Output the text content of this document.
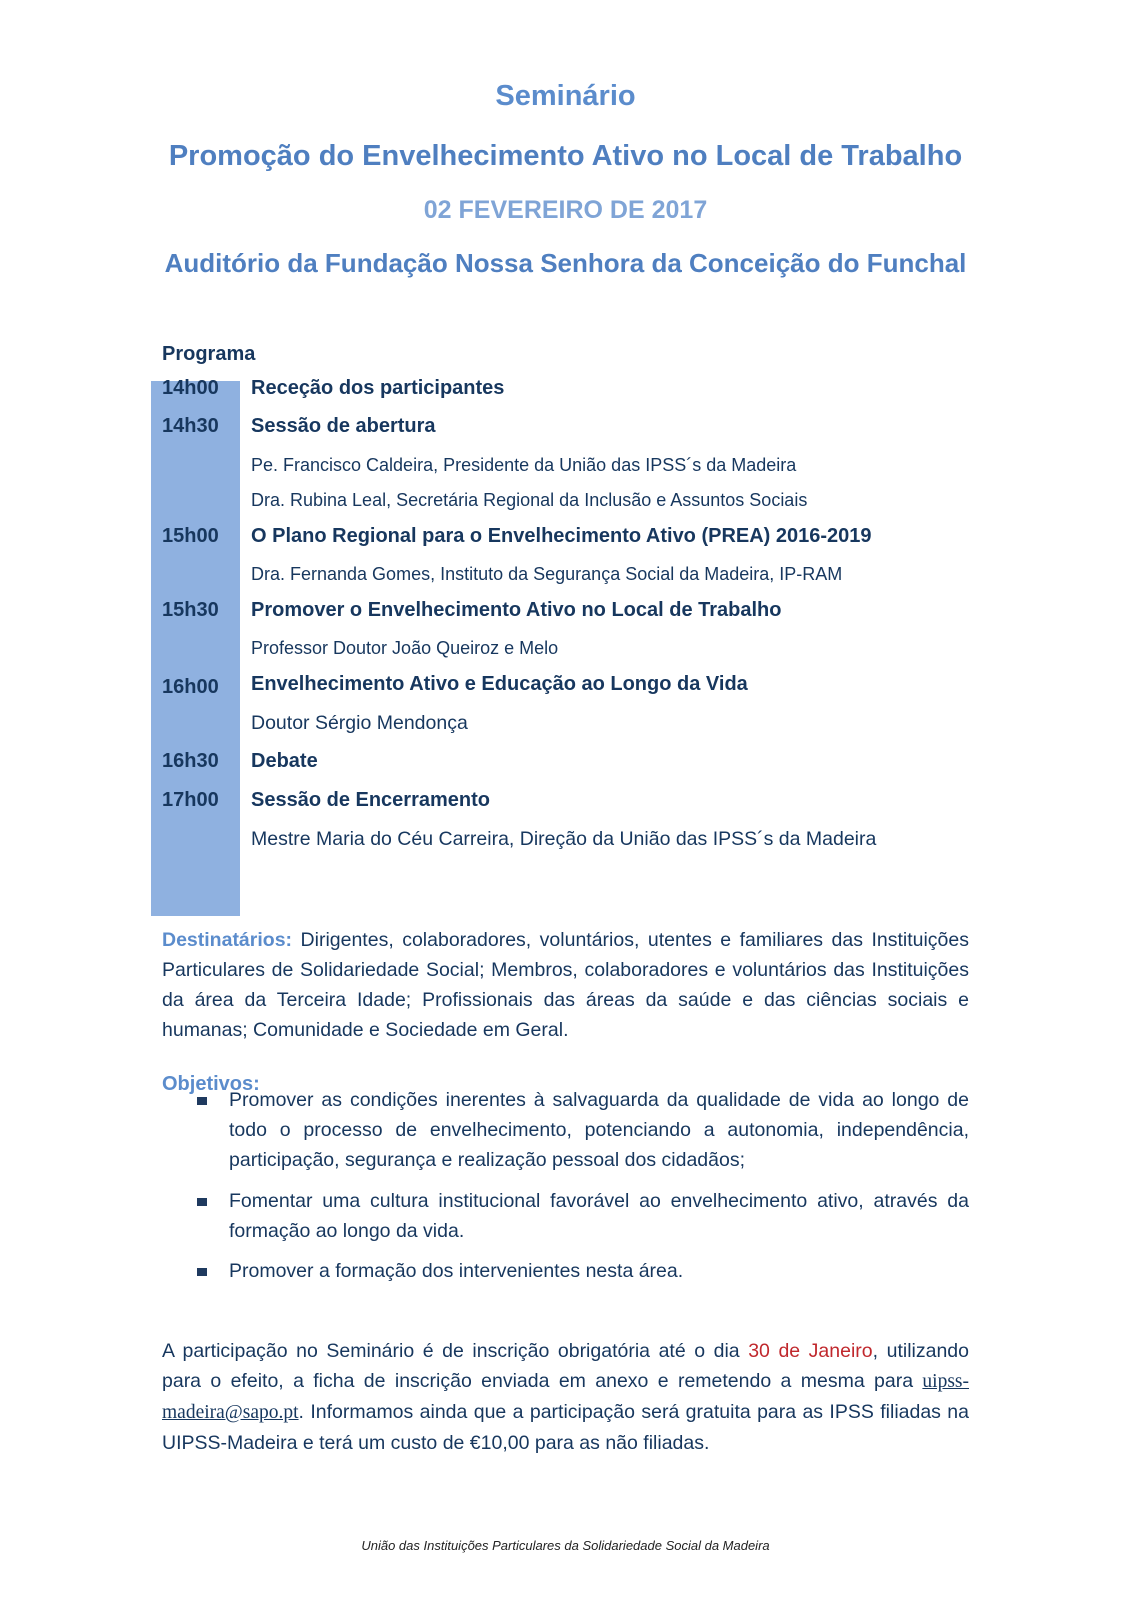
Seminário
Promoção do Envelhecimento Ativo no Local de Trabalho
02 FEVEREIRO DE 2017
Auditório da Fundação Nossa Senhora da Conceição do Funchal
Programa
14h00 Receção dos participantes
14h30 Sessão de abertura
Pe. Francisco Caldeira, Presidente da União das IPSS´s da Madeira
Dra. Rubina Leal, Secretária Regional da Inclusão e Assuntos Sociais
15h00 O Plano Regional para o Envelhecimento Ativo (PREA) 2016-2019
Dra. Fernanda Gomes, Instituto da Segurança Social da Madeira, IP-RAM
15h30 Promover o Envelhecimento Ativo no Local de Trabalho
Professor Doutor João Queiroz e Melo
16h00 Envelhecimento Ativo e Educação ao Longo da Vida
Doutor Sérgio Mendonça
16h30 Debate
17h00 Sessão de Encerramento
Mestre Maria do Céu Carreira, Direção da União das IPSS´s da Madeira
Destinatários: Dirigentes, colaboradores, voluntários, utentes e familiares das Instituições Particulares de Solidariedade Social; Membros, colaboradores e voluntários das Instituições da área da Terceira Idade; Profissionais das áreas da saúde e das ciências sociais e humanas; Comunidade e Sociedade em Geral.
Objetivos:
Promover as condições inerentes à salvaguarda da qualidade de vida ao longo de todo o processo de envelhecimento, potenciando a autonomia, independência, participação, segurança e realização pessoal dos cidadãos;
Fomentar uma cultura institucional favorável ao envelhecimento ativo, através da formação ao longo da vida.
Promover a formação dos intervenientes nesta área.
A participação no Seminário é de inscrição obrigatória até o dia 30 de Janeiro, utilizando para o efeito, a ficha de inscrição enviada em anexo e remetendo a mesma para uipss-madeira@sapo.pt. Informamos ainda que a participação será gratuita para as IPSS filiadas na UIPSS-Madeira e terá um custo de €10,00 para as não filiadas.
União das Instituições Particulares da Solidariedade Social da Madeira
